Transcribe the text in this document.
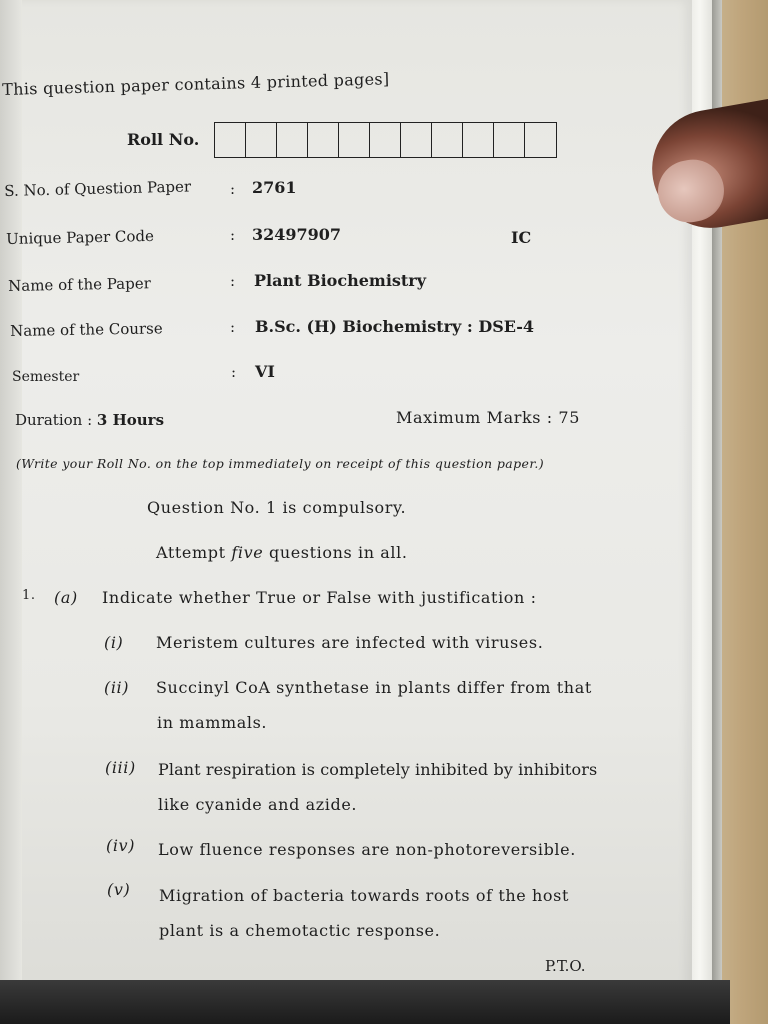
This question paper contains 4 printed pages]
Roll No.
S. No. of Question Paper	: 2761
Unique Paper Code	: 32497907	IC
Name of the Paper	: Plant Biochemistry
Name of the Course	: B.Sc. (H) Biochemistry : DSE-4
Semester	: VI
Duration : 3 Hours	Maximum Marks : 75
(Write your Roll No. on the top immediately on receipt of this question paper.)
Question No. 1 is compulsory.
Attempt five questions in all.
1. (a) Indicate whether True or False with justification :
(i) Meristem cultures are infected with viruses.
(ii) Succinyl CoA synthetase in plants differ from that
in mammals.
(iii) Plant respiration is completely inhibited by inhibitors
like cyanide and azide.
(iv) Low fluence responses are non-photoreversible.
(v) Migration of bacteria towards roots of the host
plant is a chemotactic response.
P.T.O.
